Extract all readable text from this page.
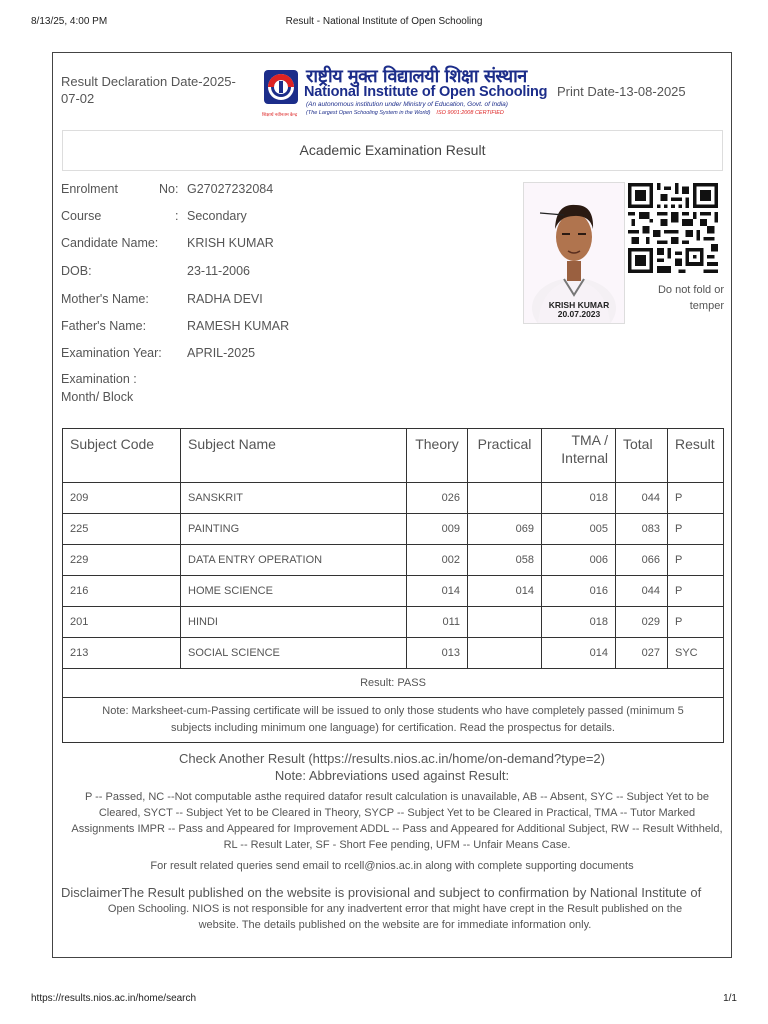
8/13/25, 4:00 PM	Result - National Institute of Open Schooling
Result Declaration Date-2025-07-02
शिक्षार्थ नवीनतम केन्द्र
राष्ट्रीय मुक्त विद्यालयी शिक्षा संस्थान
National Institute of Open Schooling
(An autonomous institution under Ministry of Education, Govt. of India)
(The Largest Open Schooling System in the World) ISO 9001:2008 CERTIFIED
Print Date-13-08-2025
Academic Examination Result
Enrolment	No: G27027232084
Course	: Secondary
Candidate Name: KRISH KUMAR
DOB:	23-11-2006
Mother's Name:	RADHA DEVI
Father's Name:	RAMESH KUMAR
Examination Year: APRIL-2025
Examination :
Month/ Block
KRISH KUMAR
20.07.2023
Do not fold or temper
Subject Code	Subject Name	Theory	Practical	TMA /
Internal	Total	Result
209	SANSKRIT	026		018	044	P
225	PAINTING	009	069	005	083	P
229	DATA ENTRY OPERATION	002	058	006	066	P
216	HOME SCIENCE	014	014	016	044	P
201	HINDI	011		018	029	P
213	SOCIAL SCIENCE	013		014	027	SYC
Result: PASS						
Note: Marksheet-cum-Passing certificate will be issued to only those students who have completely passed (minimum 5 subjects including minimum one language) for certification. Read the prospectus for details.						
Check Another Result (https://results.nios.ac.in/home/on-demand?type=2)
Note: Abbreviations used against Result:
P -- Passed, NC --Not computable asthe required datafor result calculation is unavailable, AB -- Absent, SYC -- Subject Yet to be Cleared, SYCT -- Subject Yet to be Cleared in Theory, SYCP -- Subject Yet to be Cleared in Practical, TMA -- Tutor Marked Assignments IMPR -- Pass and Appeared for Improvement ADDL -- Pass and Appeared for Additional Subject, RW -- Result Withheld, RL -- Result Later, SF - Short Fee pending, UFM -- Unfair Means Case.
For result related queries send email to rcell@nios.ac.in along with complete supporting documents
DisclaimerThe Result published on the website is provisional and subject to confirmation by National Institute of
Open Schooling. NIOS is not responsible for any inadvertent error that might have crept in the Result published on the website. The details published on the website are for immediate information only.
https://results.nios.ac.in/home/search	1/1
